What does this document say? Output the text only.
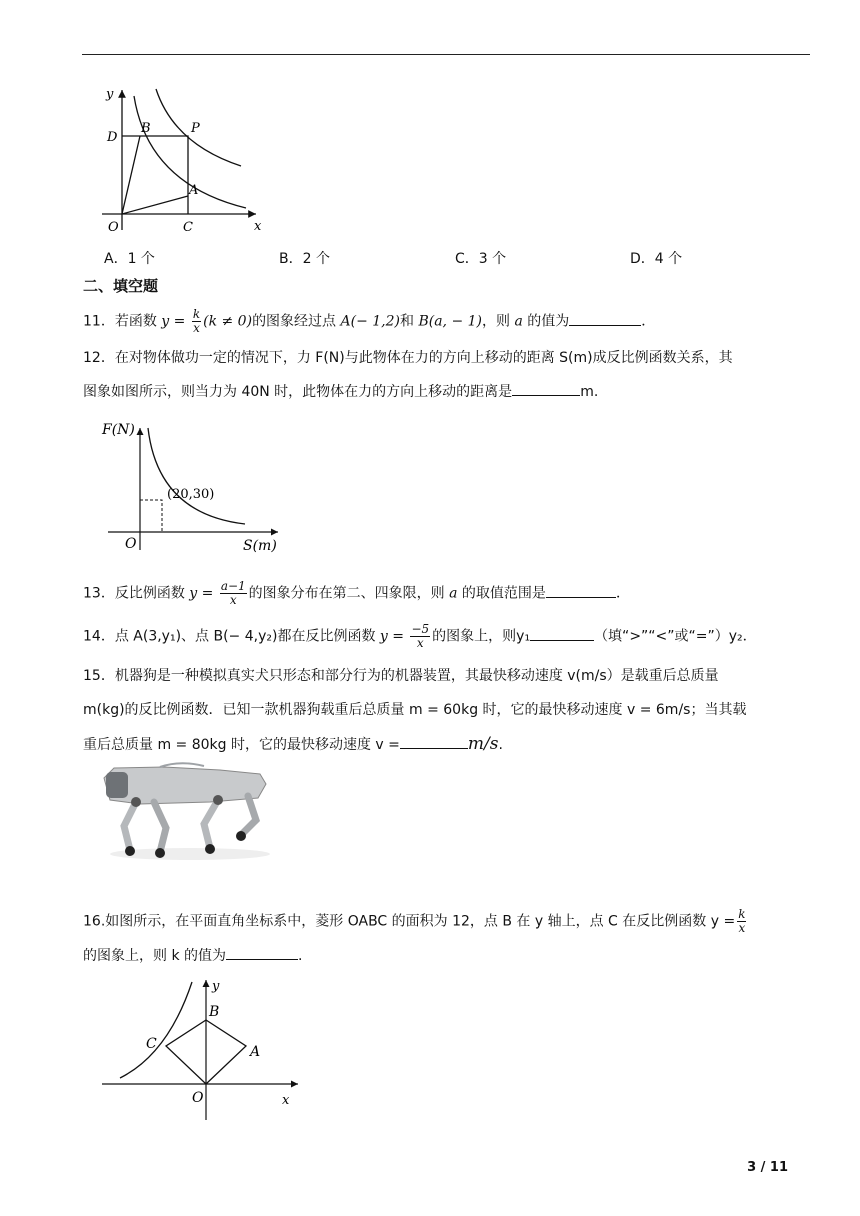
y
x
D
B	P
A
O	C
A．1 个	B．2 个	C．3 个	D．4 个
二、填空题
11．若函数 $y = \frac{k}{x} (k \ne 0)$的图象经过点 A(− 1,2)和 B(a, − 1)，则 a 的值为	．
12．在对物体做功一定的情况下，力 F(N)与此物体在力的方向上移动的距离 S(m)成反比例函数关系，其
图象如图所示，则当力为 40N 时，此物体在力的方向上移动的距离是	m.
F(N)
S(m)
O
(20,30)
13．反比例函数 $y = \frac{a-1}{x}$ 的图象分布在第二、四象限，则 a 的取值范围是	．
14．点 A(3,y₁)、点 B(− 4,y₂)都在反比例函数 $y = \frac{-5}{x}$ 的图象上，则y₁	（填“>”“<”或“=”）y₂．
15．机器狗是一种模拟真实犬只形态和部分行为的机器装置，其最快移动速度 v(m/s）是载重后总质量
m(kg)的反比例函数．已知一款机器狗载重后总质量 m = 60kg 时，它的最快移动速度 v = 6m/s；当其载
重后总质量 m = 80kg 时，它的最快移动速度 v =	m/s.
16.如图所示，在平面直角坐标系中，菱形 OABC 的面积为 12，点 B 在 y 轴上，点 C 在反比例函数 $y = \frac{k}{x}$
的图象上，则 k 的值为	.
y
x
B
A
C
O
3 / 11
